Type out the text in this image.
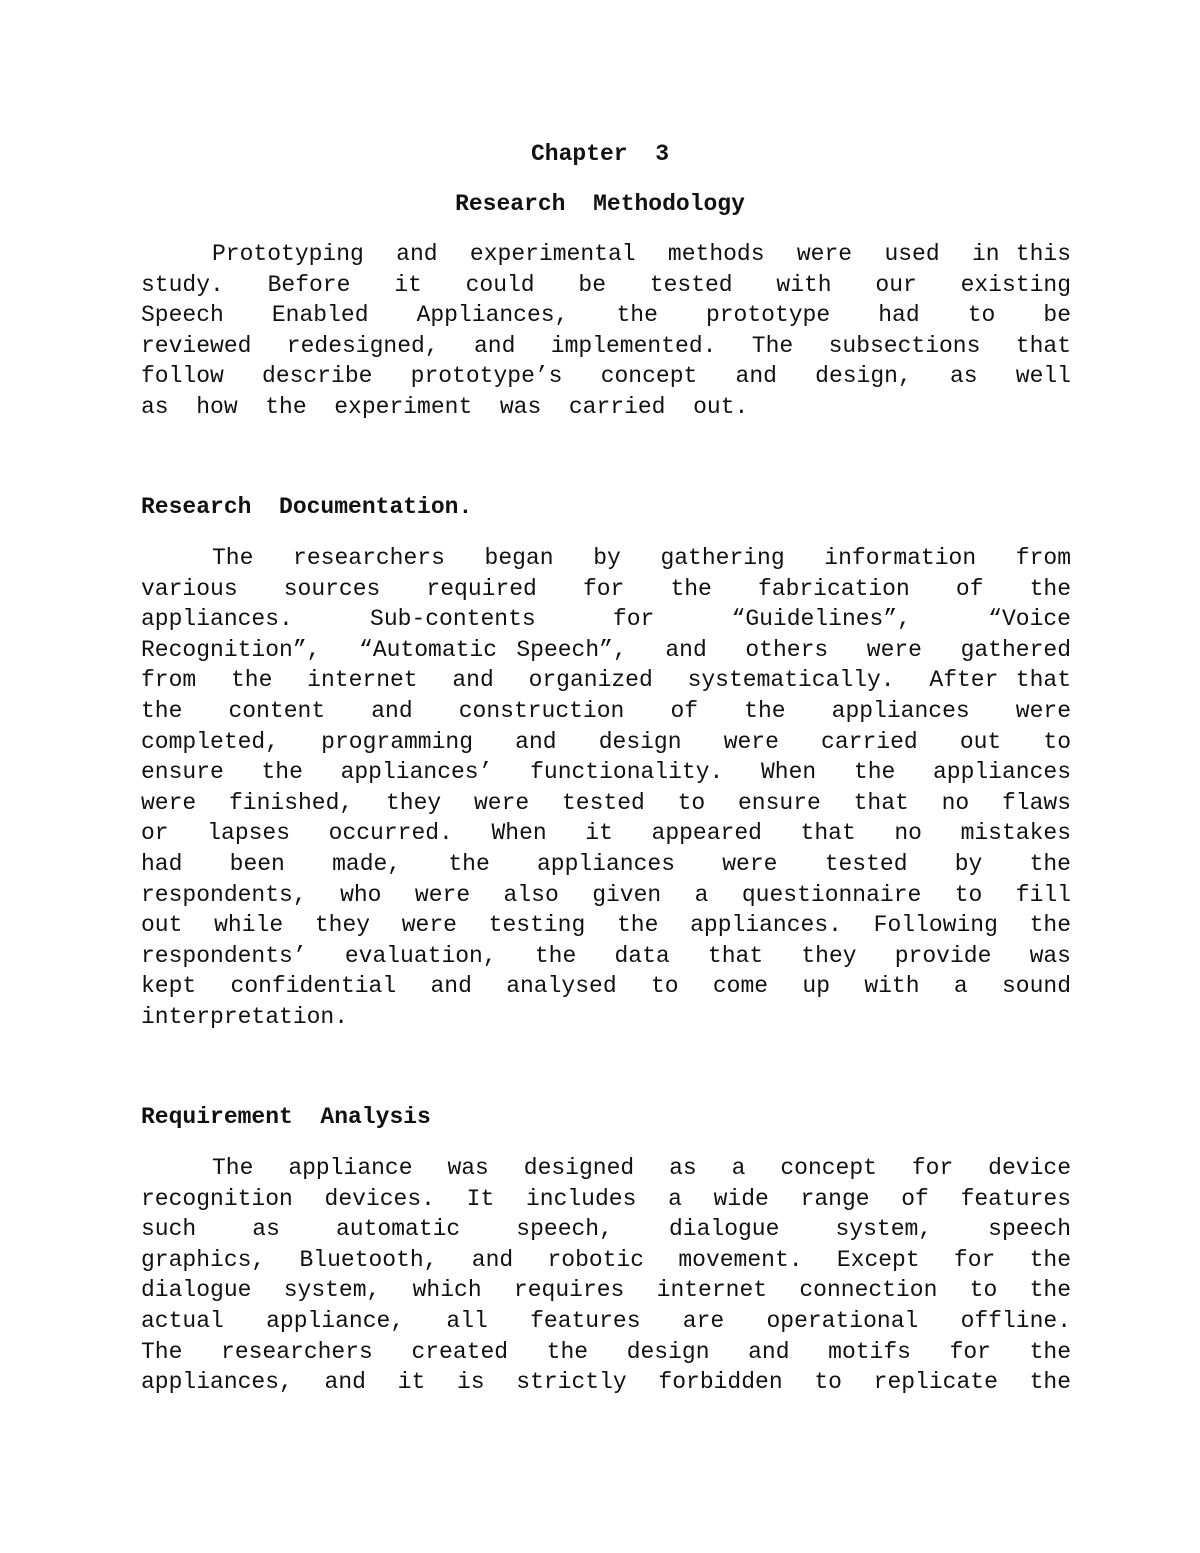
Chapter  3
Research  Methodology
Prototyping  and  experimental  methods  were  used  in this
study.  Before  it  could  be  tested  with  our  existing
Speech  Enabled  Appliances,  the  prototype  had  to  be
reviewed  redesigned,  and  implemented.  The  subsections  that
follow  describe  prototype’s  concept  and  design,  as  well
as  how  the  experiment  was  carried  out.
Research  Documentation.
The  researchers  began  by  gathering  information  from
various  sources  required  for  the  fabrication  of  the
appliances.  Sub-contents  for  “Guidelines”,  “Voice
Recognition”,  “Automatic Speech”,  and  others  were  gathered
from  the  internet  and  organized  systematically.  After that
the  content  and  construction  of  the  appliances  were
completed,  programming  and  design  were  carried  out  to
ensure  the  appliances’  functionality.  When  the  appliances
were  finished,  they  were  tested  to  ensure  that  no  flaws
or  lapses  occurred.  When  it  appeared  that  no  mistakes
had  been  made,  the  appliances  were  tested  by  the
respondents,  who  were  also  given  a  questionnaire  to  fill
out  while  they  were  testing  the  appliances.  Following  the
respondents’  evaluation,  the  data  that  they  provide  was
kept  confidential  and  analysed  to  come  up  with  a  sound
interpretation.
Requirement  Analysis
The  appliance  was  designed  as  a  concept  for  device
recognition  devices.  It  includes  a  wide  range  of  features
such  as  automatic  speech,  dialogue  system,  speech
graphics,  Bluetooth,  and  robotic  movement.  Except  for  the
dialogue  system,  which  requires  internet  connection  to  the
actual  appliance,  all  features  are  operational  offline.
The  researchers  created  the  design  and  motifs  for  the
appliances,  and  it  is  strictly  forbidden  to  replicate  the
